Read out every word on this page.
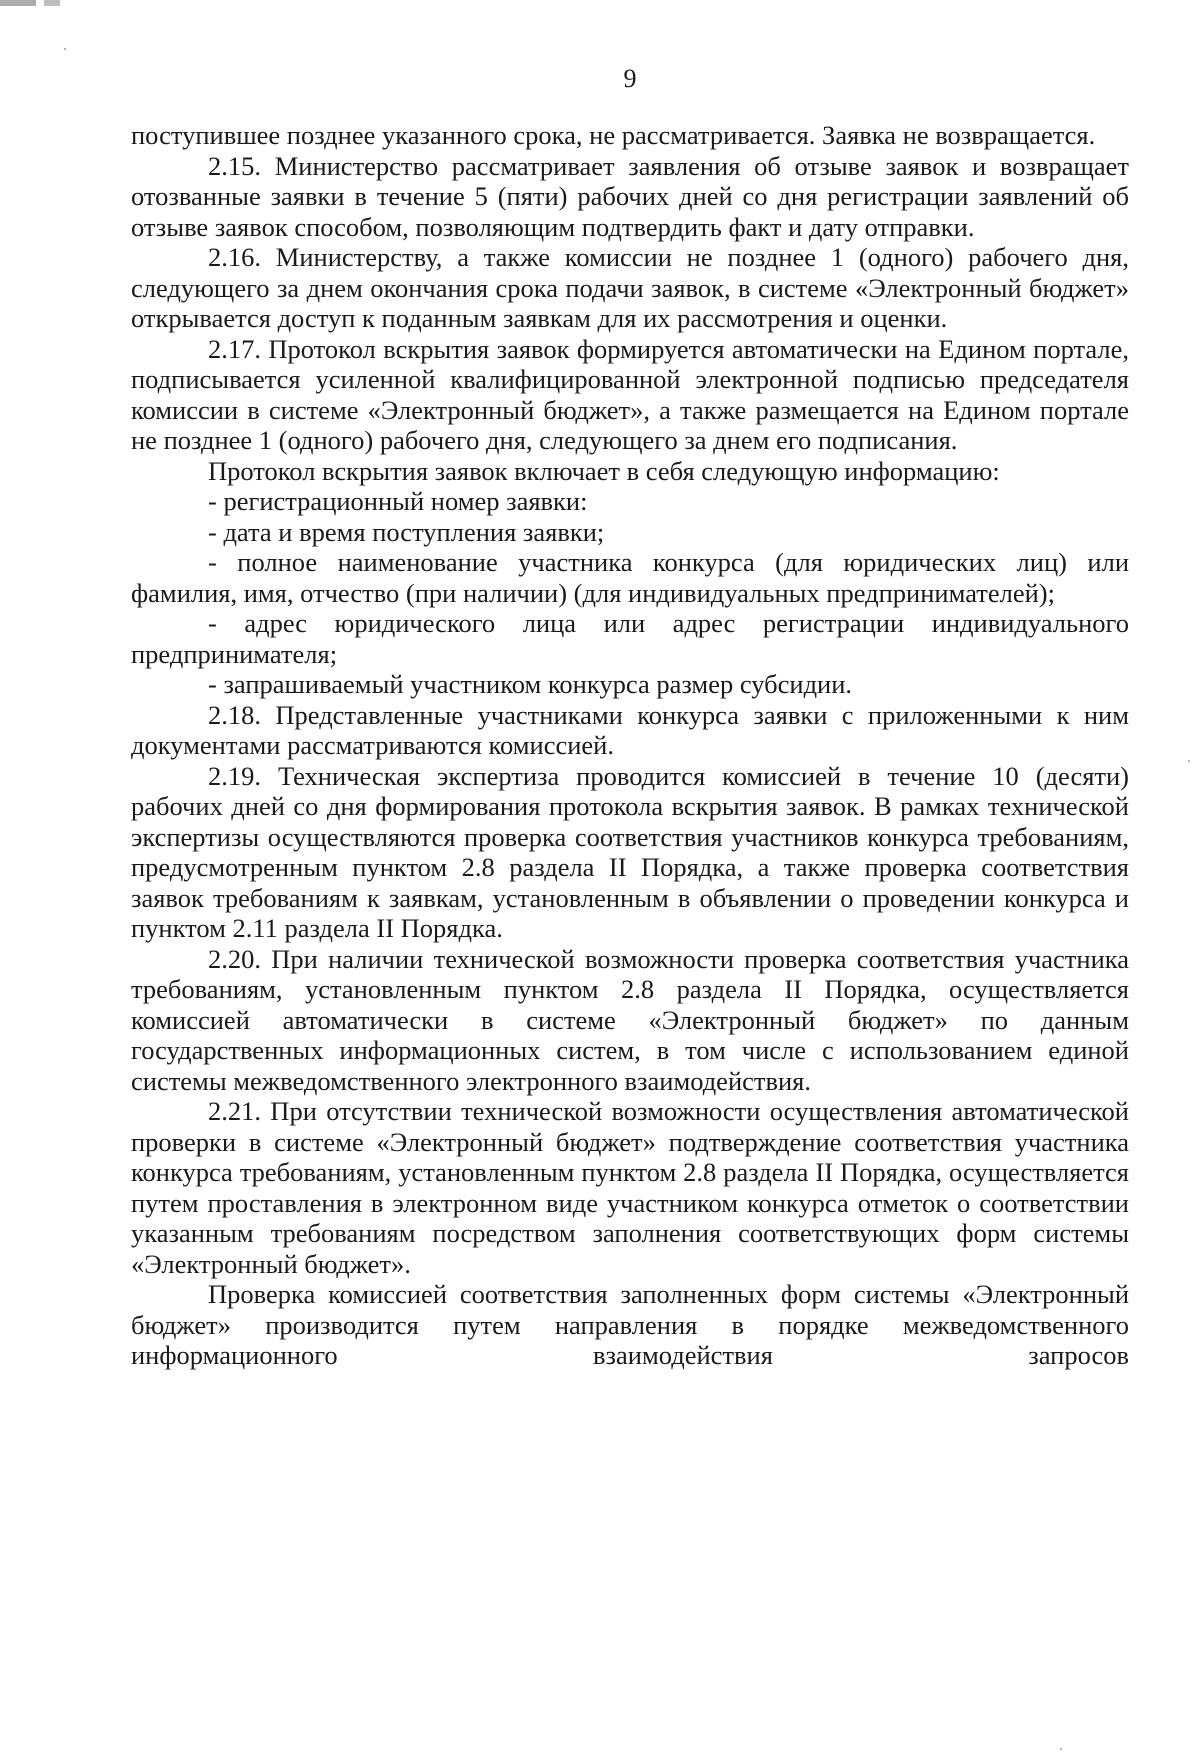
9

поступившее позднее указанного срока, не рассматривается. Заявка не возвращается.

2.15. Министерство рассматривает заявления об отзыве заявок и возвращает отозванные заявки в течение 5 (пяти) рабочих дней со дня регистрации заявлений об отзыве заявок способом, позволяющим подтвердить факт и дату отправки.

2.16. Министерству, а также комиссии не позднее 1 (одного) рабочего дня, следующего за днем окончания срока подачи заявок, в системе «Электронный бюджет» открывается доступ к поданным заявкам для их рассмотрения и оценки.

2.17. Протокол вскрытия заявок формируется автоматически на Едином портале, подписывается усиленной квалифицированной электронной подписью председателя комиссии в системе «Электронный бюджет», а также размещается на Едином портале не позднее 1 (одного) рабочего дня, следующего за днем его подписания.

Протокол вскрытия заявок включает в себя следующую информацию:

- регистрационный номер заявки:

- дата и время поступления заявки;

- полное наименование участника конкурса (для юридических лиц) или фамилия, имя, отчество (при наличии) (для индивидуальных предпринимателей);

- адрес юридического лица или адрес регистрации индивидуального предпринимателя;

- запрашиваемый участником конкурса размер субсидии.

2.18. Представленные участниками конкурса заявки с приложенными к ним документами рассматриваются комиссией.

2.19. Техническая экспертиза проводится комиссией в течение 10 (десяти) рабочих дней со дня формирования протокола вскрытия заявок. В рамках технической экспертизы осуществляются проверка соответствия участников конкурса требованиям, предусмотренным пунктом 2.8 раздела II Порядка, а также проверка соответствия заявок требованиям к заявкам, установленным в объявлении о проведении конкурса и пунктом 2.11 раздела II Порядка.

2.20. При наличии технической возможности проверка соответствия участника требованиям, установленным пунктом 2.8 раздела II Порядка, осуществляется комиссией автоматически в системе «Электронный бюджет» по данным государственных информационных систем, в том числе с использованием единой системы межведомственного электронного взаимодействия.

2.21. При отсутствии технической возможности осуществления автоматической проверки в системе «Электронный бюджет» подтверждение соответствия участника конкурса требованиям, установленным пунктом 2.8 раздела II Порядка, осуществляется путем проставления в электронном виде участником конкурса отметок о соответствии указанным требованиям посредством заполнения соответствующих форм системы «Электронный бюджет».

Проверка комиссией соответствия заполненных форм системы «Электронный бюджет» производится путем направления в порядке межведомственного информационного взаимодействия запросов
